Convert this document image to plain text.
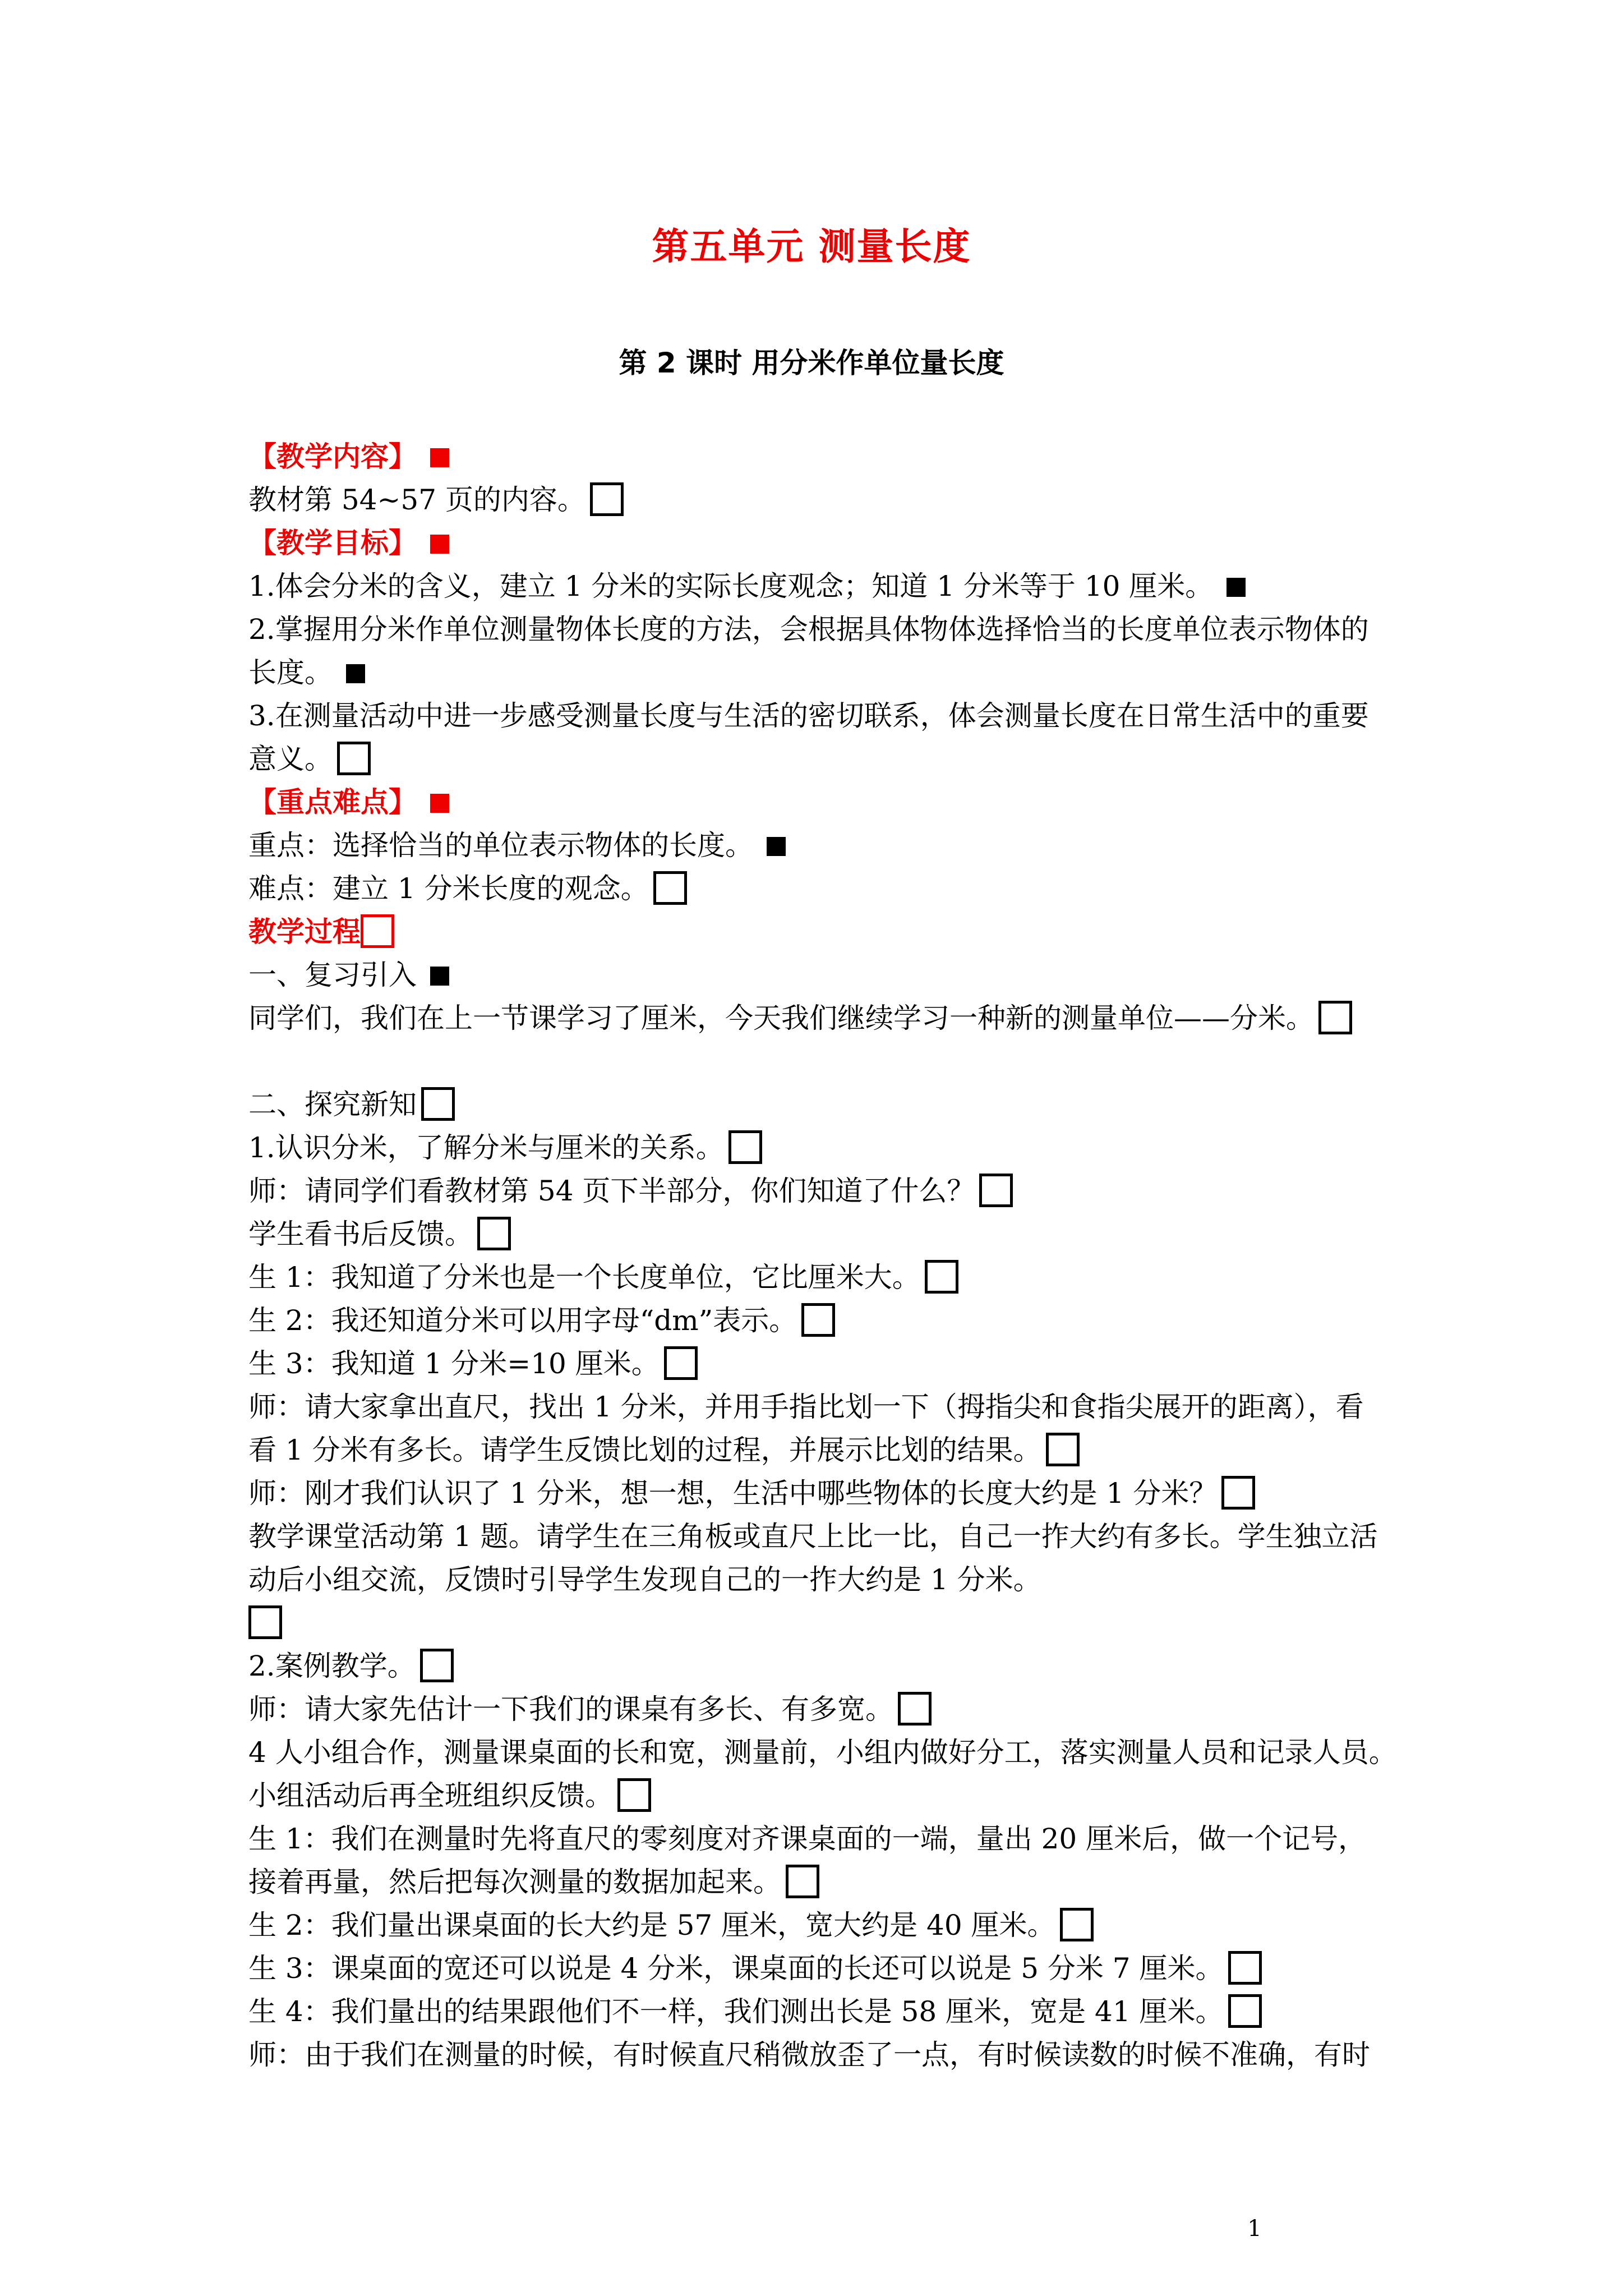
第五单元 测量长度
第 2 课时 用分米作单位量长度
【教学内容】
教材第 54~57 页的内容。
【教学目标】
1.体会分米的含义，建立 1 分米的实际长度观念；知道 1 分米等于 10 厘米。
2.掌握用分米作单位测量物体长度的方法，会根据具体物体选择恰当的长度单位表示物体的
长度。
3.在测量活动中进一步感受测量长度与生活的密切联系，体会测量长度在日常生活中的重要
意义。
【重点难点】
重点：选择恰当的单位表示物体的长度。
难点：建立 1 分米长度的观念。
教学过程
一、复习引入
同学们，我们在上一节课学习了厘米，今天我们继续学习一种新的测量单位——分米。
二、探究新知
1.认识分米，了解分米与厘米的关系。
师：请同学们看教材第 54 页下半部分，你们知道了什么？
学生看书后反馈。
生 1：我知道了分米也是一个长度单位，它比厘米大。
生 2：我还知道分米可以用字母“dm”表示。
生 3：我知道 1 分米=10 厘米。
师：请大家拿出直尺，找出 1 分米，并用手指比划一下（拇指尖和食指尖展开的距离），看
看 1 分米有多长。请学生反馈比划的过程，并展示比划的结果。
师：刚才我们认识了 1 分米，想一想，生活中哪些物体的长度大约是 1 分米？
教学课堂活动第 1 题。请学生在三角板或直尺上比一比，自己一拃大约有多长。学生独立活
动后小组交流，反馈时引导学生发现自己的一拃大约是 1 分米。
2.案例教学。
师：请大家先估计一下我们的课桌有多长、有多宽。
4 人小组合作，测量课桌面的长和宽，测量前，小组内做好分工，落实测量人员和记录人员。
小组活动后再全班组织反馈。
生 1：我们在测量时先将直尺的零刻度对齐课桌面的一端，量出 20 厘米后，做一个记号，
接着再量，然后把每次测量的数据加起来。
生 2：我们量出课桌面的长大约是 57 厘米，宽大约是 40 厘米。
生 3：课桌面的宽还可以说是 4 分米，课桌面的长还可以说是 5 分米 7 厘米。
生 4：我们量出的结果跟他们不一样，我们测出长是 58 厘米，宽是 41 厘米。
师：由于我们在测量的时候，有时候直尺稍微放歪了一点，有时候读数的时候不准确，有时
1
